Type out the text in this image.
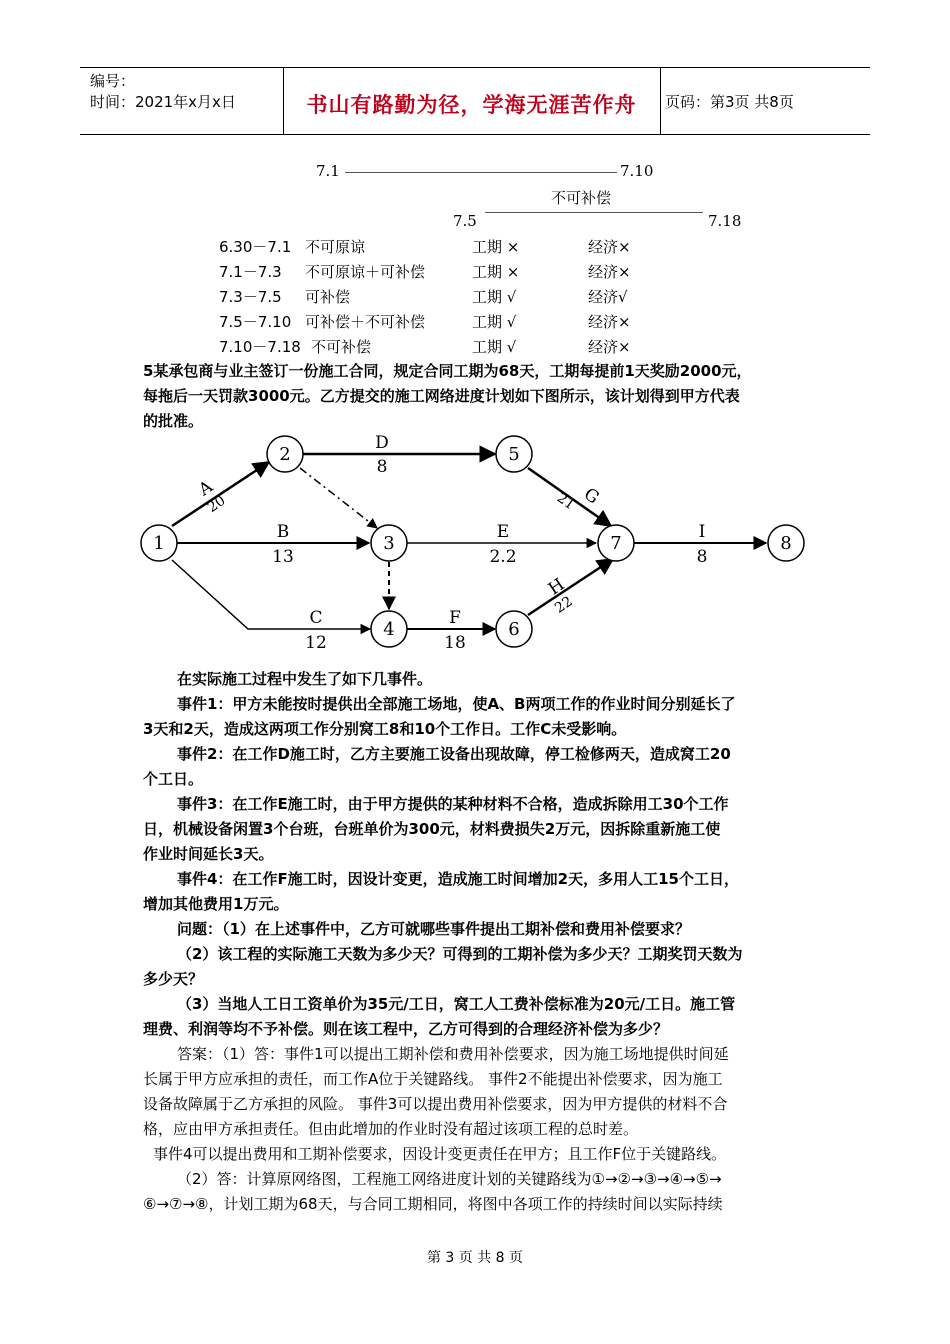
编号：
时间：2021年x月x日	书山有路勤为径，学海无涯苦作舟	页码：第3页 共8页
7.1	7.10
不可补偿
7.5	7.18
6.30－7.1 不可原谅	工期 ×	经济×
7.1－7.3 不可原谅＋可补偿	工期 ×	经济×
7.3－7.5 可补偿	工期 √	经济√
7.5－7.10 可补偿＋不可补偿	工期 √	经济×
7.10－7.18 不可补偿	工期 √	经济×

5某承包商与业主签订一份施工合同，规定合同工期为68天，工期每提前1天奖励2000元，

每拖后一天罚款3000元。乙方提交的施工网络进度计划如下图所示，该计划得到甲方代表

的批准。

1
2
3
4
5
6
7	8
A
20
B
13
C
12
D
8
E
2.2
F
18
G
21
H
22
I
8

在实际施工过程中发生了如下几事件。

事件1：甲方未能按时提供出全部施工场地，使A、B两项工作的作业时间分别延长了

3天和2天，造成这两项工作分别窝工8和10个工作日。工作C未受影响。

事件2：在工作D施工时，乙方主要施工设备出现故障，停工检修两天，造成窝工20

个工日。

事件3：在工作E施工时，由于甲方提供的某种材料不合格，造成拆除用工30个工作

日，机械设备闲置3个台班，台班单价为300元，材料费损失2万元，因拆除重新施工使

作业时间延长3天。

事件4：在工作F施工时，因设计变更，造成施工时间增加2天，多用人工15个工日，

增加其他费用1万元。

问题：（1）在上述事件中，乙方可就哪些事件提出工期补偿和费用补偿要求？

（2）该工程的实际施工天数为多少天？可得到的工期补偿为多少天？工期奖罚天数为

多少天？

（3）当地人工日工资单价为35元/工日，窝工人工费补偿标准为20元/工日。施工管

理费、利润等均不予补偿。则在该工程中，乙方可得到的合理经济补偿为多少？

答案：（1）答：事件1可以提出工期补偿和费用补偿要求，因为施工场地提供时间延

长属于甲方应承担的责任，而工作A位于关键路线。 事件2不能提出补偿要求，因为施工

设备故障属于乙方承担的风险。 事件3可以提出费用补偿要求，因为甲方提供的材料不合

格，应由甲方承担责任。但由此增加的作业时没有超过该项工程的总时差。

事件4可以提出费用和工期补偿要求，因设计变更责任在甲方；且工作F位于关键路线。

（2）答：计算原网络图，工程施工网络进度计划的关键路线为①→②→③→④→⑤→

⑥→⑦→⑧，计划工期为68天，与合同工期相同，将图中各项工作的持续时间以实际持续

第 3 页 共 8 页
